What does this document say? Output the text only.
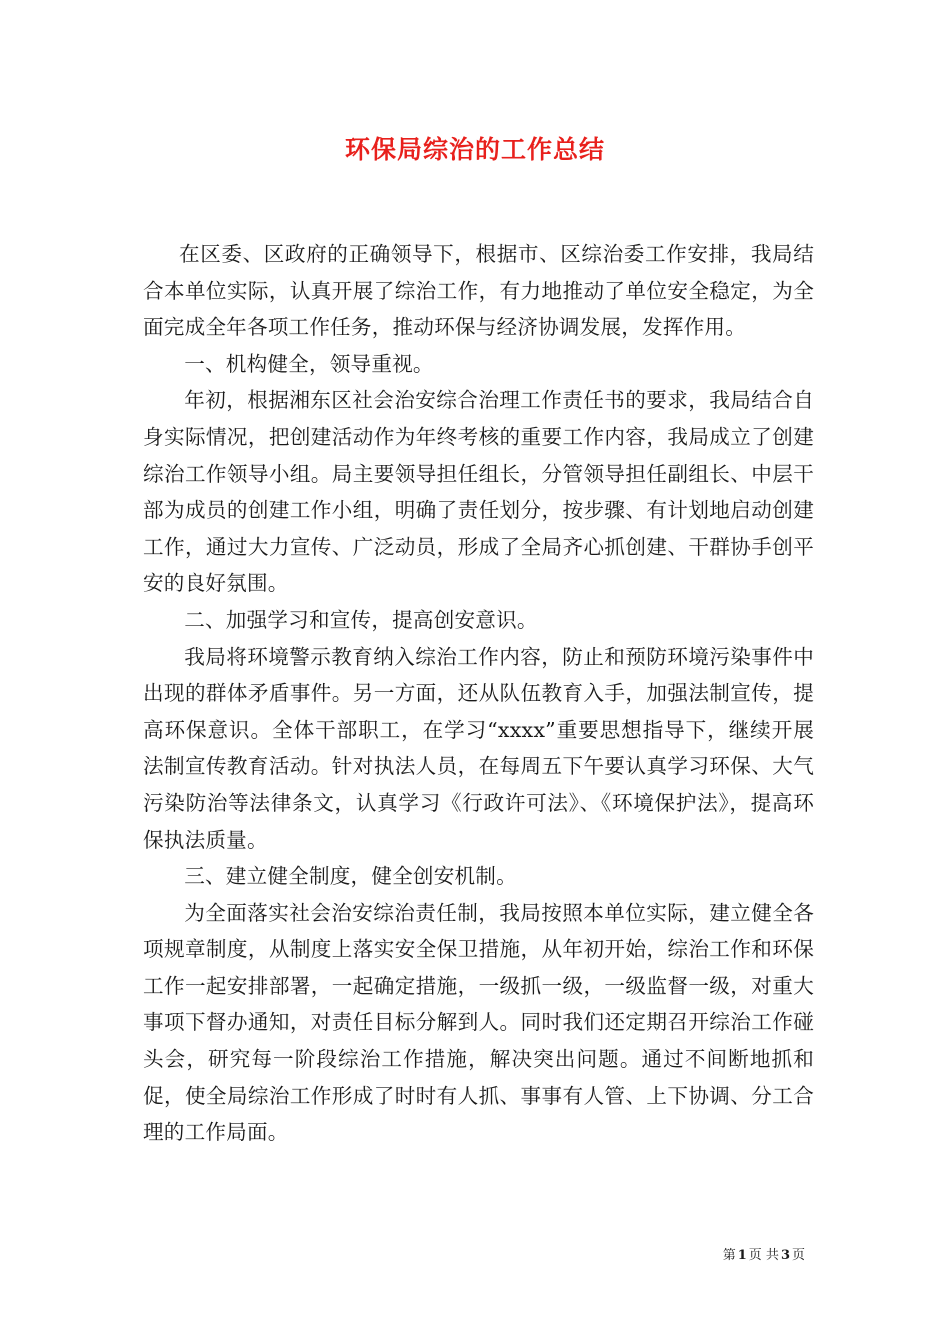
环保局综治的工作总结

在区委、区政府的正确领导下，根据市、区综治委工作安排，我局结合本单位实际，认真开展了综治工作，有力地推动了单位安全稳定，为全面完成全年各项工作任务，推动环保与经济协调发展，发挥作用。

一、机构健全，领导重视。

年初，根据湘东区社会治安综合治理工作责任书的要求，我局结合自身实际情况，把创建活动作为年终考核的重要工作内容，我局成立了创建综治工作领导小组。局主要领导担任组长，分管领导担任副组长、中层干部为成员的创建工作小组，明确了责任划分，按步骤、有计划地启动创建工作，通过大力宣传、广泛动员，形成了全局齐心抓创建、干群协手创平安的良好氛围。

二、加强学习和宣传，提高创安意识。

我局将环境警示教育纳入综治工作内容，防止和预防环境污染事件中出现的群体矛盾事件。另一方面，还从队伍教育入手，加强法制宣传，提高环保意识。全体干部职工，在学习“xxxx”重要思想指导下，继续开展法制宣传教育活动。针对执法人员，在每周五下午要认真学习环保、大气污染防治等法律条文，认真学习《行政许可法》、《环境保护法》，提高环保执法质量。

三、建立健全制度，健全创安机制。

为全面落实社会治安综治责任制，我局按照本单位实际，建立健全各项规章制度，从制度上落实安全保卫措施，从年初开始，综治工作和环保工作一起安排部署，一起确定措施，一级抓一级，一级监督一级，对重大事项下督办通知，对责任目标分解到人。同时我们还定期召开综治工作碰头会，研究每一阶段综治工作措施，解决突出问题。通过不间断地抓和促，使全局综治工作形成了时时有人抓、事事有人管、上下协调、分工合理的工作局面。

第 1 页 共 3 页
